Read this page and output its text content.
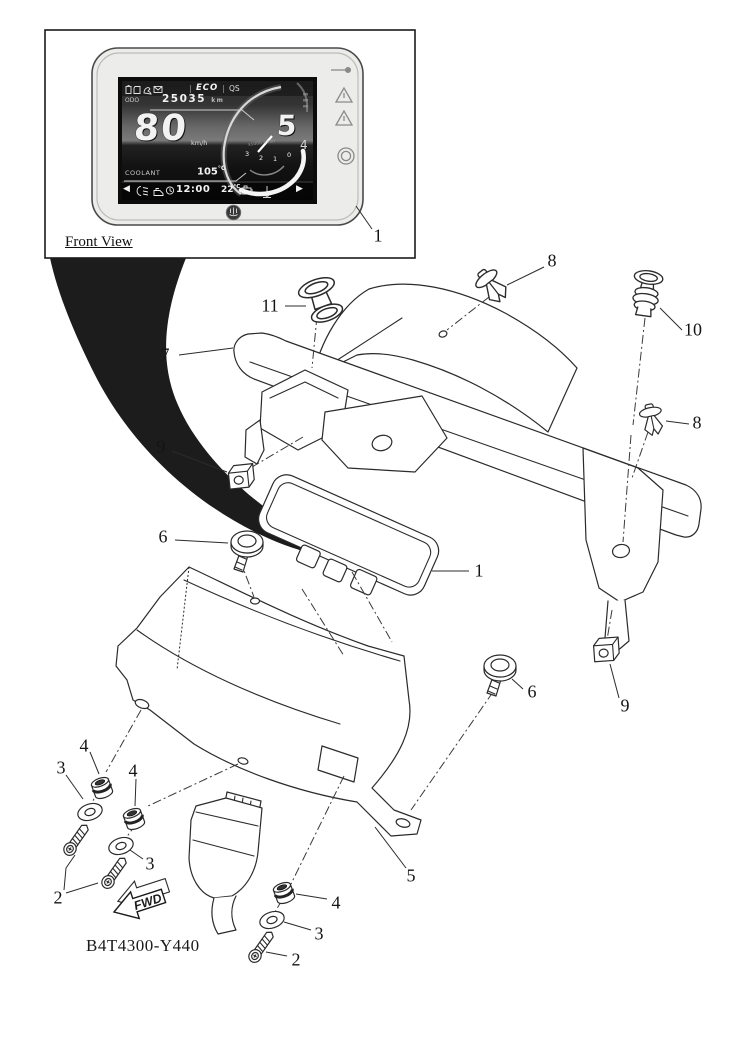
FWD
ODO 25035 km
| ECO | QS
80 km/h
5
4
x1000 r/min
3 2 1 0
COOLANT	$105^{^\circ C}$
◀	12:00 $22^{^\circ C}$	▶
Front View
B4T4300-Y440
1
11
7
8
10
8
9
6
1
6
9
4
3	4
3
2
5
4
3
2
